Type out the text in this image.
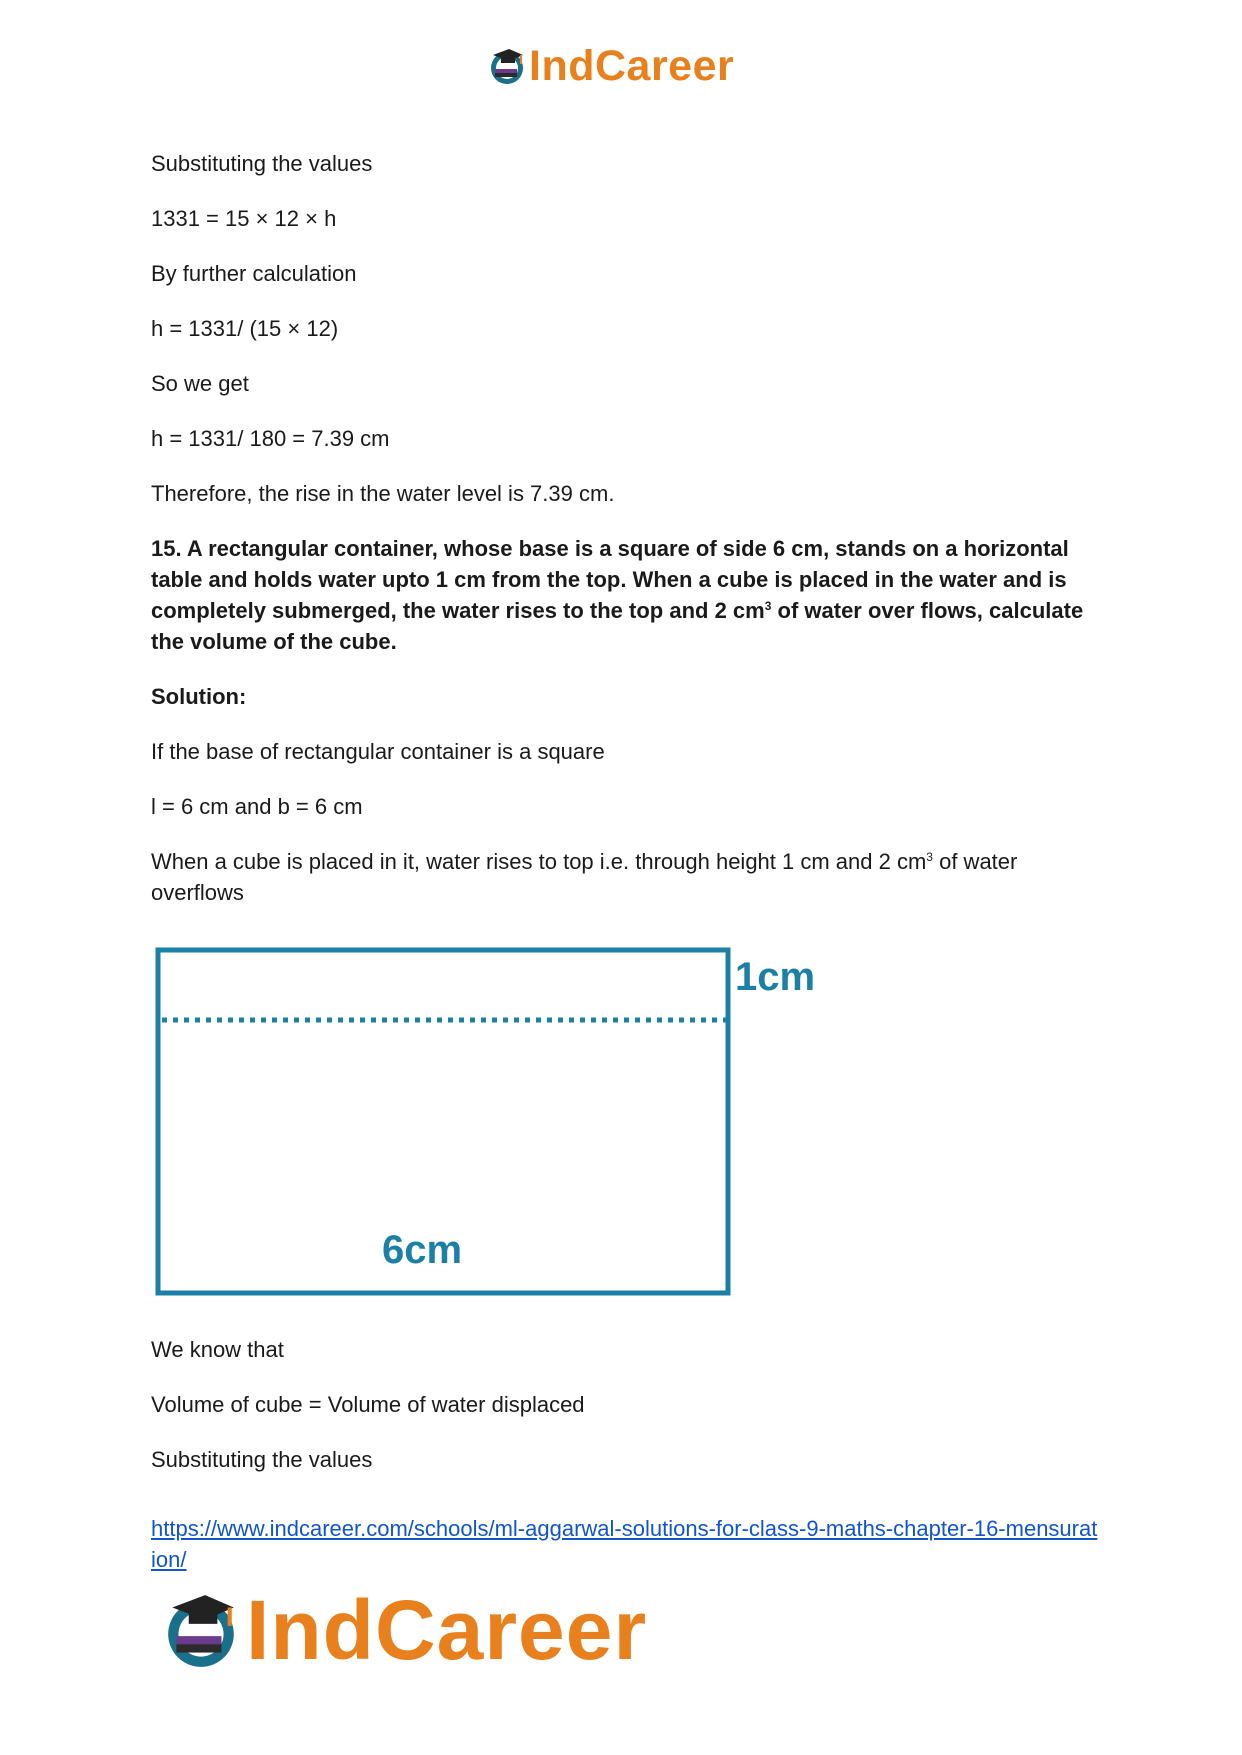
IndCareer

Substituting the values

1331 = 15 × 12 × h

By further calculation

h = 1331/ (15 × 12)

So we get

h = 1331/ 180 = 7.39 cm

Therefore, the rise in the water level is 7.39 cm.

15. A rectangular container, whose base is a square of side 6 cm, stands on a horizontal table and holds water upto 1 cm from the top. When a cube is placed in the water and is completely submerged, the water rises to the top and 2 $cm^3$ of water over flows, calculate the volume of the cube.

Solution:

If the base of rectangular container is a square

l = 6 cm and b = 6 cm

When a cube is placed in it, water rises to top i.e. through height 1 cm and 2 $cm^3$ of water overflows

1cm
6cm

We know that

Volume of cube = Volume of water displaced

Substituting the values

https://www.indcareer.com/schools/ml-aggarwal-solutions-for-class-9-maths-chapter-16-mensuration/
IndCareer
